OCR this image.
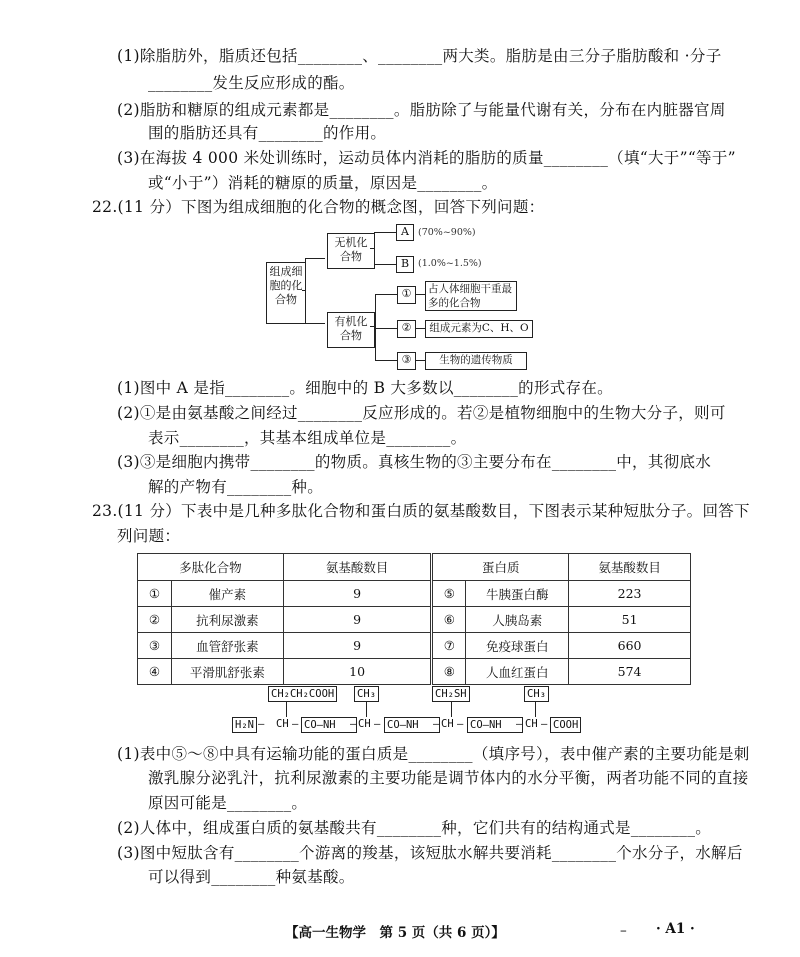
(1)除脂肪外，脂质还包括________、________两大类。脂肪是由三分子脂肪酸和 ·分子
________发生反应形成的酯。
(2)脂肪和糖原的组成元素都是________。脂肪除了与能量代谢有关，分布在内脏器官周
围的脂肪还具有________的作用。
(3)在海拔 4 000 米处训练时，运动员体内消耗的脂肪的质量________（填“大于”“等于”
或“小于”）消耗的糖原的质量，原因是________。
22.(11 分）下图为组成细胞的化合物的概念图，回答下列问题：
组成细胞的化合物
无机化合物
有机化合物
A (70%~90%)
B (1.0%~1.5%)
①	占人体细胞干重最多的化合物
②	组成元素为C、H、O
③	生物的遗传物质
(1)图中 A 是指________。细胞中的 B 大多数以________的形式存在。
(2)①是由氨基酸之间经过________反应形成的。若②是植物细胞中的生物大分子，则可
表示________，其基本组成单位是________。
(3)③是细胞内携带________的物质。真核生物的③主要分布在________中，其彻底水
解的产物有________种。
23.(11 分）下表中是几种多肽化合物和蛋白质的氨基酸数目，下图表示某种短肽分子。回答下
列问题：
多肽化合物		氨基酸数目	蛋白质		氨基酸数目
①	催产素	9	⑤	牛胰蛋白酶	223
②	抗利尿激素	9	⑥	人胰岛素	51
③	血管舒张素	9	⑦	免疫球蛋白	660
④	平滑肌舒张素	10	⑧	人血红蛋白	574
CH₂CH₂COOH CH₃	CH₂SH	CH₃
H₂N — CH — CO—NH	— CH — CO—NH	— CH — CO—NH	— CH — COOH
(1)表中⑤～⑧中具有运输功能的蛋白质是________（填序号），表中催产素的主要功能是刺
激乳腺分泌乳汁，抗利尿激素的主要功能是调节体内的水分平衡，两者功能不同的直接
原因可能是________。
(2)人体中，组成蛋白质的氨基酸共有________种，它们共有的结构通式是________。
(3)图中短肽含有________个游离的羧基，该短肽水解共要消耗________个水分子，水解后
可以得到________种氨基酸。
【高一生物学　第 5 页（共 6 页）】	– · A1 ·
